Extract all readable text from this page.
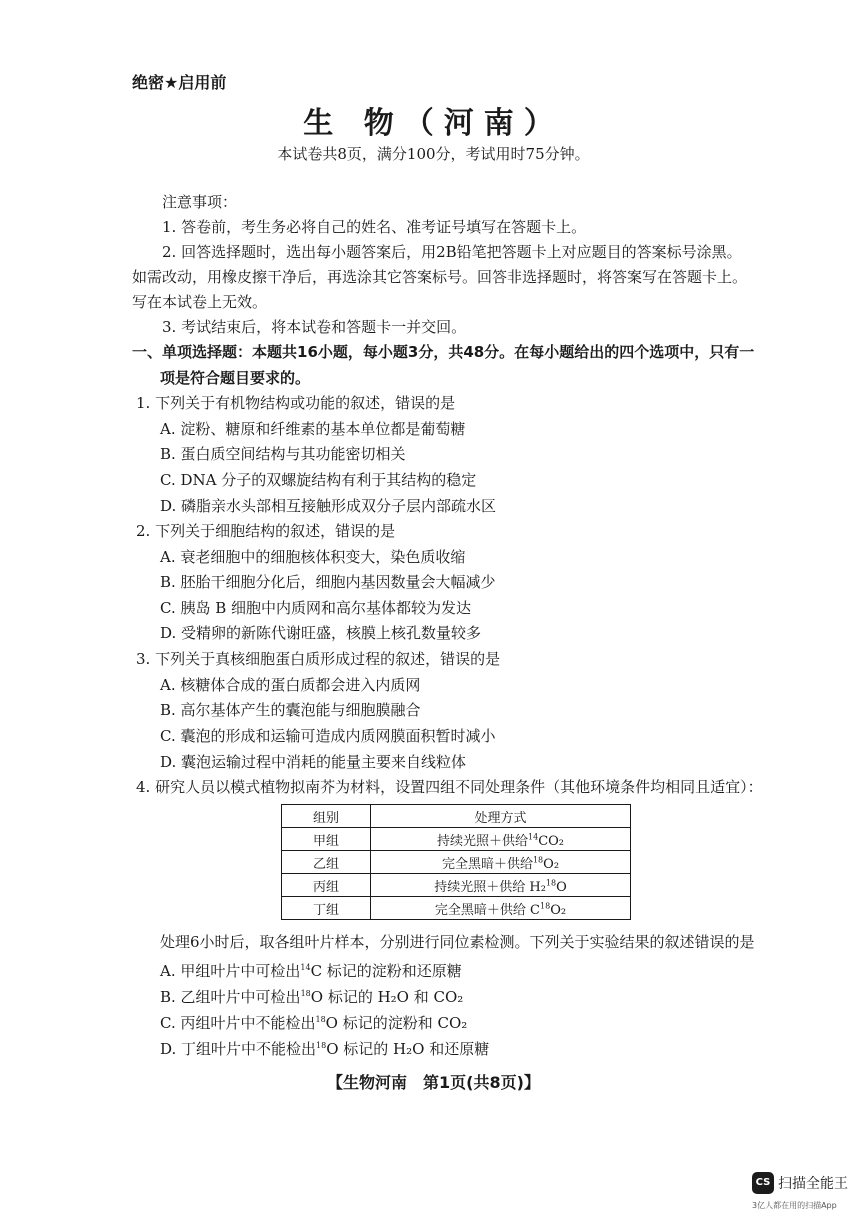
绝密★启用前
生 物（河南）
本试卷共8页，满分100分，考试用时75分钟。

注意事项：

1. 答卷前，考生务必将自己的姓名、准考证号填写在答题卡上。

2. 回答选择题时，选出每小题答案后，用2B铅笔把答题卡上对应题目的答案标号涂黑。如需改动，用橡皮擦干净后，再选涂其它答案标号。回答非选择题时，将答案写在答题卡上。写在本试卷上无效。

3. 考试结束后，将本试卷和答题卡一并交回。

一、单项选择题：本题共16小题，每小题3分，共48分。在每小题给出的四个选项中，只有一
项是符合题目要求的。
1. 下列关于有机物结构或功能的叙述，错误的是
A. 淀粉、糖原和纤维素的基本单位都是葡萄糖
B. 蛋白质空间结构与其功能密切相关
C. DNA 分子的双螺旋结构有利于其结构的稳定
D. 磷脂亲水头部相互接触形成双分子层内部疏水区
2. 下列关于细胞结构的叙述，错误的是
A. 衰老细胞中的细胞核体积变大，染色质收缩
B. 胚胎干细胞分化后，细胞内基因数量会大幅减少
C. 胰岛 B 细胞中内质网和高尔基体都较为发达
D. 受精卵的新陈代谢旺盛，核膜上核孔数量较多
3. 下列关于真核细胞蛋白质形成过程的叙述，错误的是
A. 核糖体合成的蛋白质都会进入内质网
B. 高尔基体产生的囊泡能与细胞膜融合
C. 囊泡的形成和运输可造成内质网膜面积暂时减小
D. 囊泡运输过程中消耗的能量主要来自线粒体
4. 研究人员以模式植物拟南芥为材料，设置四组不同处理条件（其他环境条件均相同且适宜）：
组别	处理方式
甲组	持续光照＋供给$^{14}$CO₂
乙组	完全黑暗＋供给$^{18}$O₂
丙组	持续光照＋供给 H₂$^{18}$O
丁组	完全黑暗＋供给 $C^{18}O_2$
处理6小时后，取各组叶片样本，分别进行同位素检测。下列关于实验结果的叙述错误的是
A. 甲组叶片中可检出$^{14}$C 标记的淀粉和还原糖
B. 乙组叶片中可检出$^{18}$O 标记的 H₂O 和 CO₂
C. 丙组叶片中不能检出$^{18}$O 标记的淀粉和 CO₂
D. 丁组叶片中不能检出$^{18}$O 标记的 H₂O 和还原糖
【生物河南　第1页(共8页)】
CS 扫描全能王
3亿人都在用的扫描App
